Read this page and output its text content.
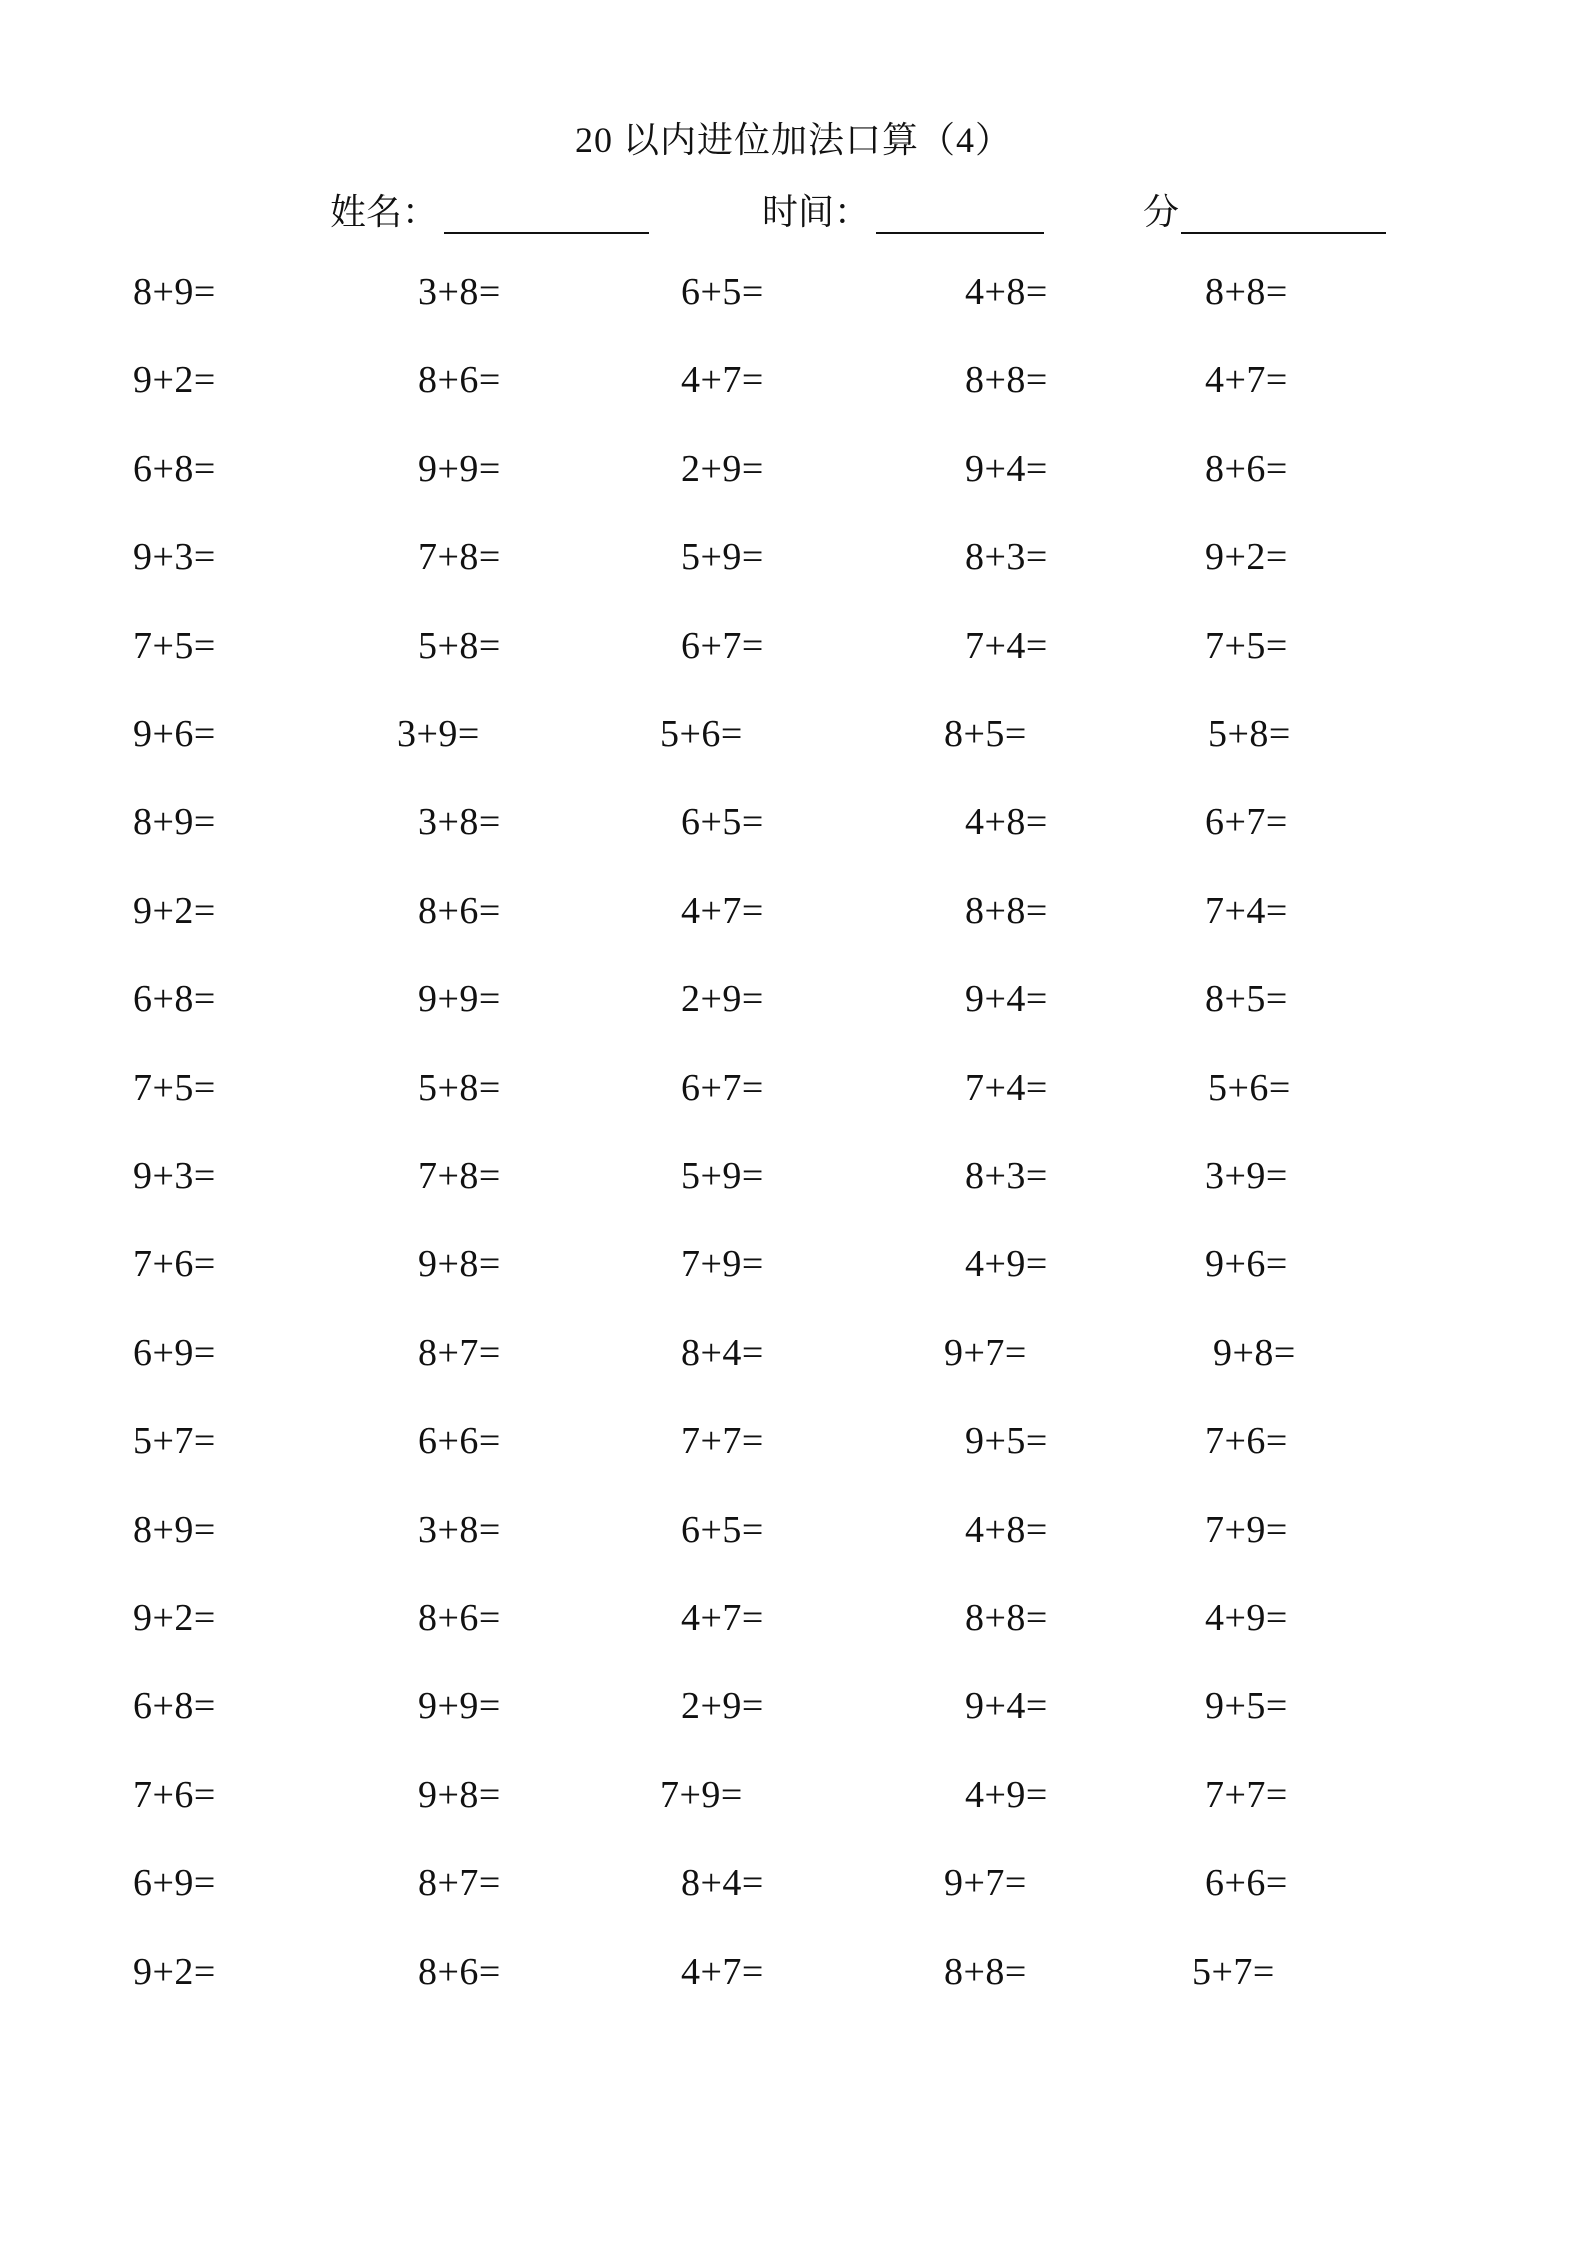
20 以内进位加法口算（4）
姓名：	时间：	分
8+9=	3+8=	6+5=	4+8=	8+8=
9+2=	8+6=	4+7=	8+8=	4+7=
6+8=	9+9=	2+9=	9+4=	8+6=
9+3=	7+8=	5+9=	8+3=	9+2=
7+5=	5+8=	6+7=	7+4=	7+5=
9+6=	3+9=	5+6=	8+5=	5+8=
8+9=	3+8=	6+5=	4+8=	6+7=
9+2=	8+6=	4+7=	8+8=	7+4=
6+8=	9+9=	2+9=	9+4=	8+5=
7+5=	5+8=	6+7=	7+4=	5+6=
9+3=	7+8=	5+9=	8+3=	3+9=
7+6=	9+8=	7+9=	4+9=	9+6=
6+9=	8+7=	8+4=	9+7=	9+8=
5+7=	6+6=	7+7=	9+5=	7+6=
8+9=	3+8=	6+5=	4+8=	7+9=
9+2=	8+6=	4+7=	8+8=	4+9=
6+8=	9+9=	2+9=	9+4=	9+5=
7+6=	9+8=	7+9=	4+9=	7+7=
6+9=	8+7=	8+4=	9+7=	6+6=
9+2=	8+6=	4+7=	8+8=	5+7=
